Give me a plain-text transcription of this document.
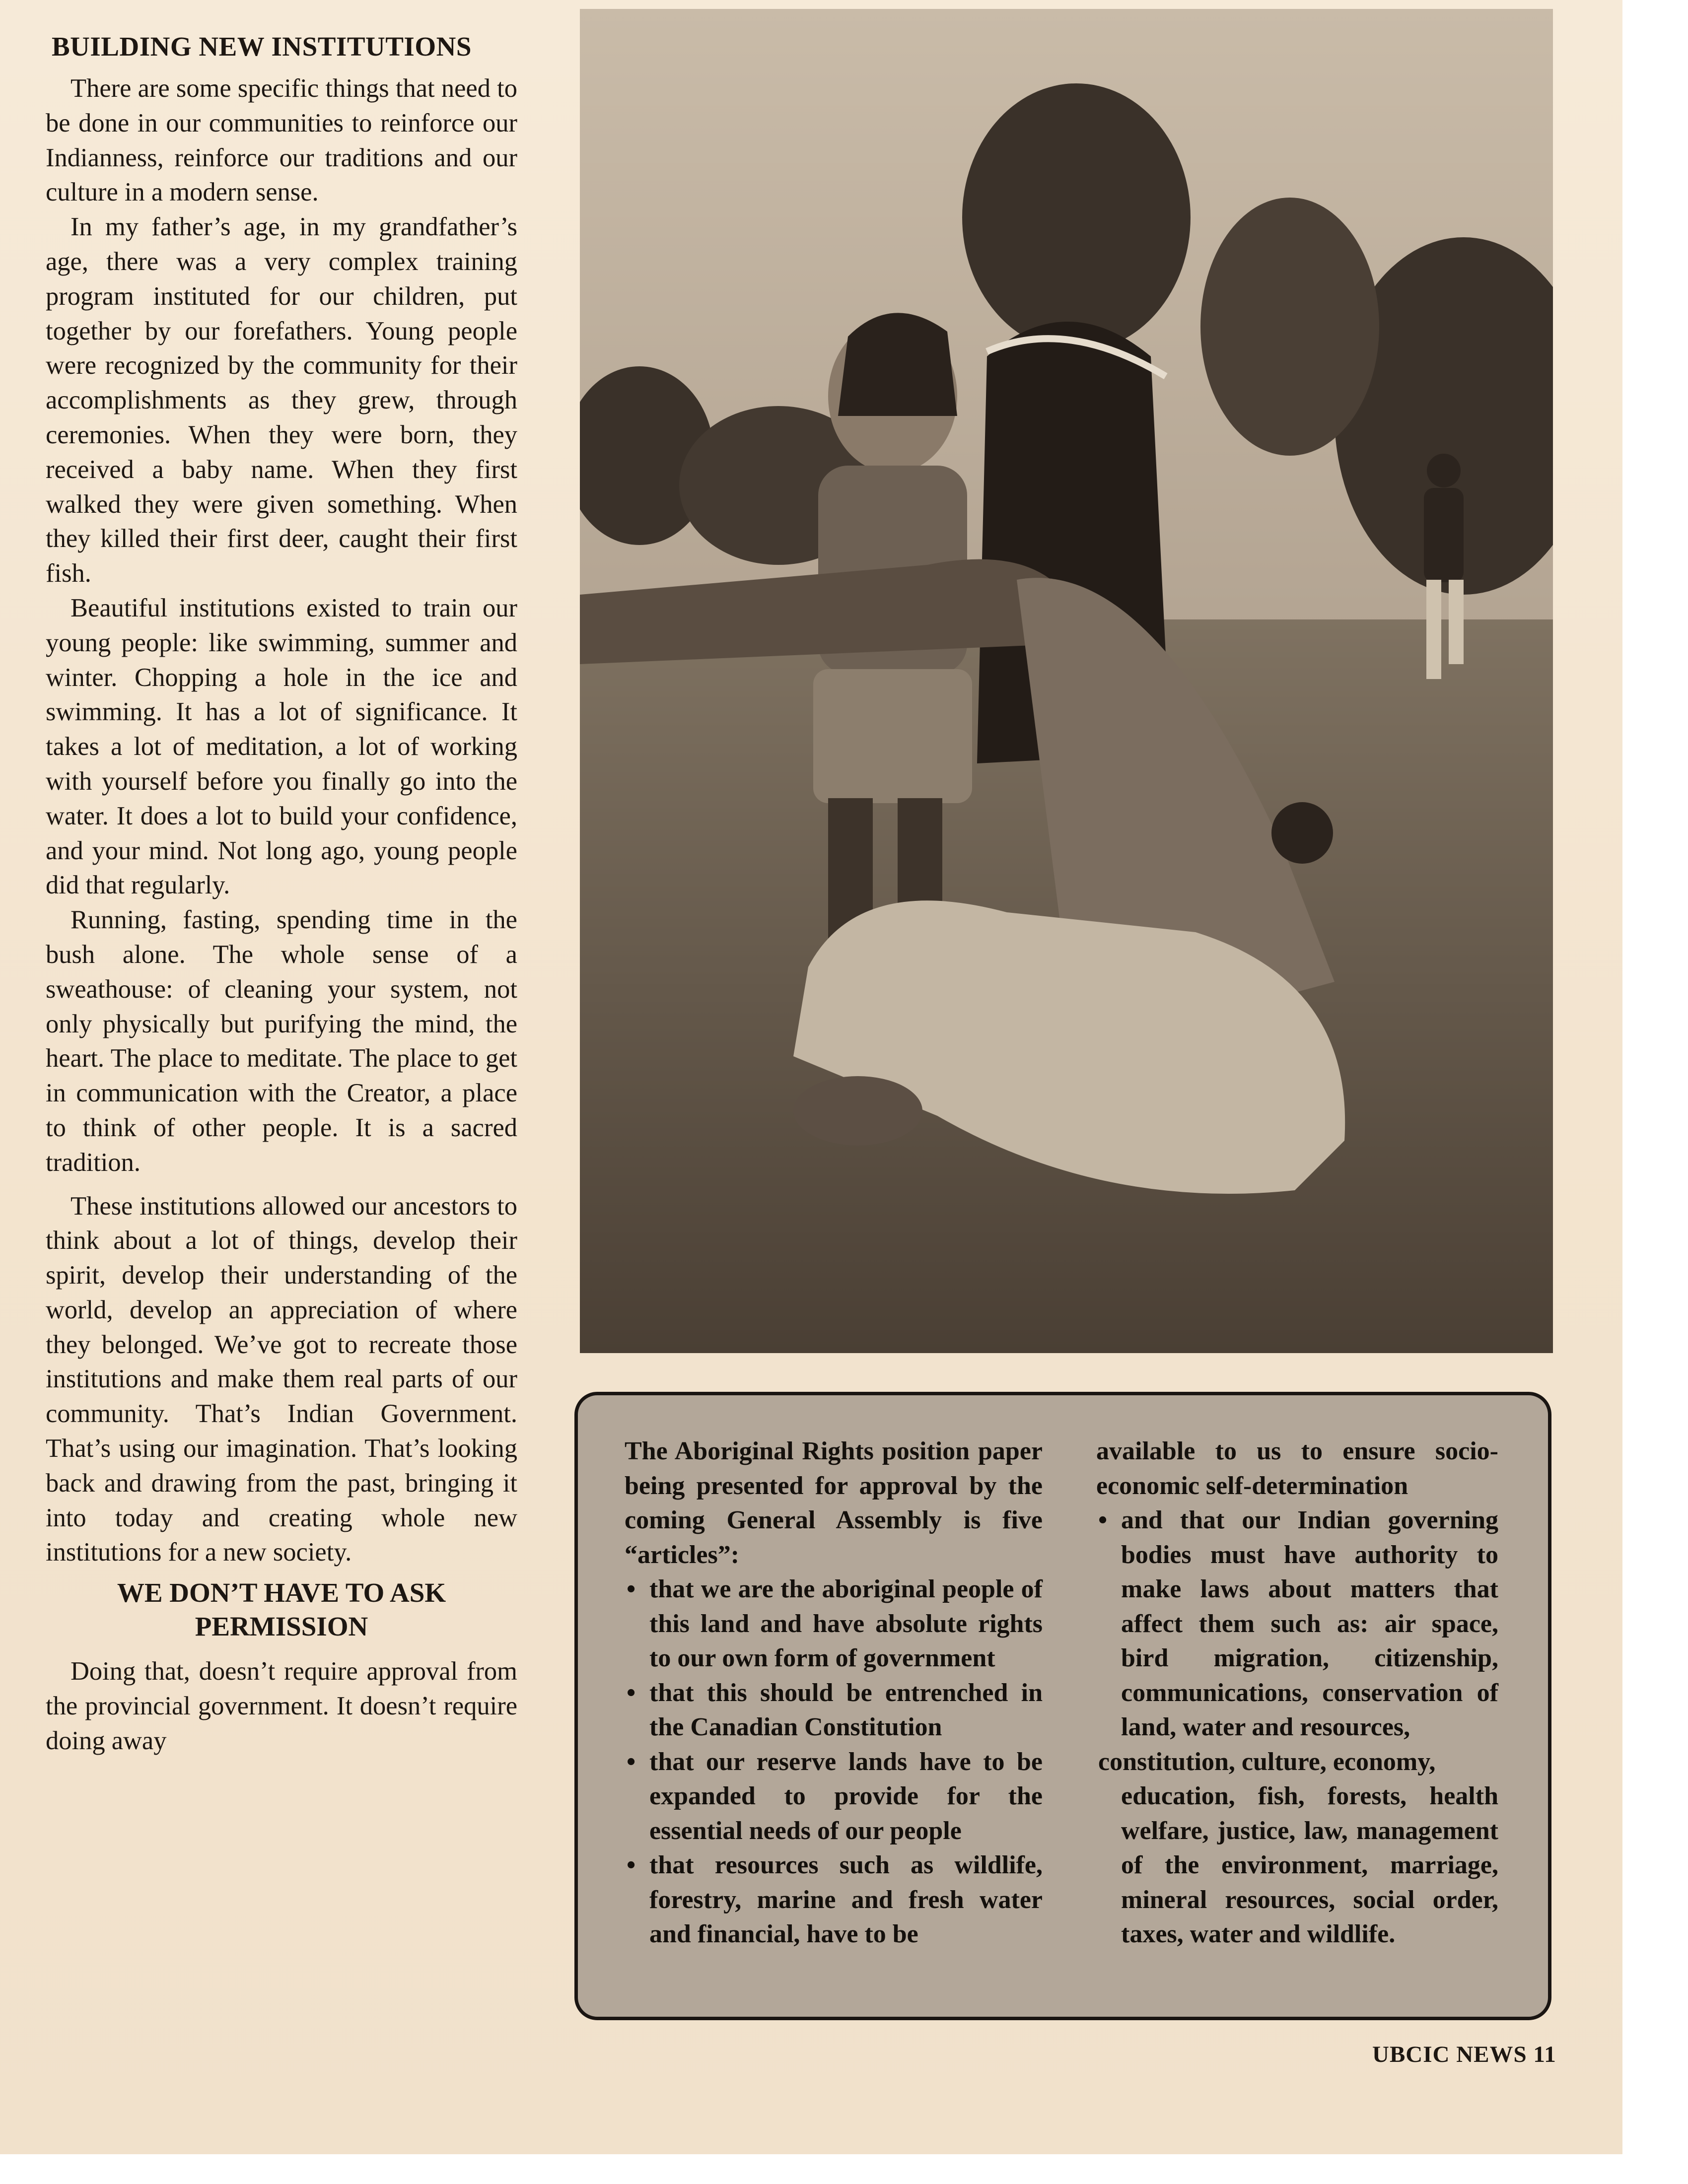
BUILDING NEW INSTITUTIONS

There are some specific things that need to be done in our communities to reinforce our Indianness, reinforce our traditions and our culture in a modern sense.

In my father’s age, in my grandfather’s age, there was a very complex training program instituted for our children, put together by our forefathers. Young people were recognized by the community for their accomplishments as they grew, through ceremonies. When they were born, they received a baby name. When they first walked they were given something. When they killed their first deer, caught their first fish.

Beautiful institutions existed to train our young people: like swimming, summer and winter. Chopping a hole in the ice and swimming. It has a lot of significance. It takes a lot of meditation, a lot of working with yourself before you finally go into the water. It does a lot to build your confidence, and your mind. Not long ago, young people did that regularly.

Running, fasting, spending time in the bush alone. The whole sense of a sweathouse: of cleaning your system, not only physically but purifying the mind, the heart. The place to meditate. The place to get in communication with the Creator, a place to think of other people. It is a sacred tradition.

These institutions allowed our ancestors to think about a lot of things, develop their spirit, develop their understanding of the world, develop an appreciation of where they belonged. We’ve got to recreate those institutions and make them real parts of our community. That’s Indian Government. That’s using our imagination. That’s looking back and drawing from the past, bringing it into today and creating whole new institutions for a new society.

WE DON’T HAVE TO ASK PERMISSION

Doing that, doesn’t require approval from the provincial government. It doesn’t require doing away

The Aboriginal Rights position paper being presented for approval by the coming General Assembly is five “articles”:

• that we are the aboriginal people of this land and have absolute rights to our own form of government
• that this should be entrenched in the Canadian Constitution
• that our reserve lands have to be expanded to provide for the essential needs of our people
• that resources such as wildlife, forestry, marine and fresh water and financial, have to be

available to us to ensure socio-economic self-determination

• and that our Indian governing bodies must have authority to make laws about matters that affect them such as: air space, bird migration, citizenship, communications, conservation of land, water and resources,

constitution, culture, economy,

education, fish, forests, health welfare, justice, law, management of the environment, marriage, mineral resources, social order, taxes, water and wildlife.

UBCIC NEWS 11
